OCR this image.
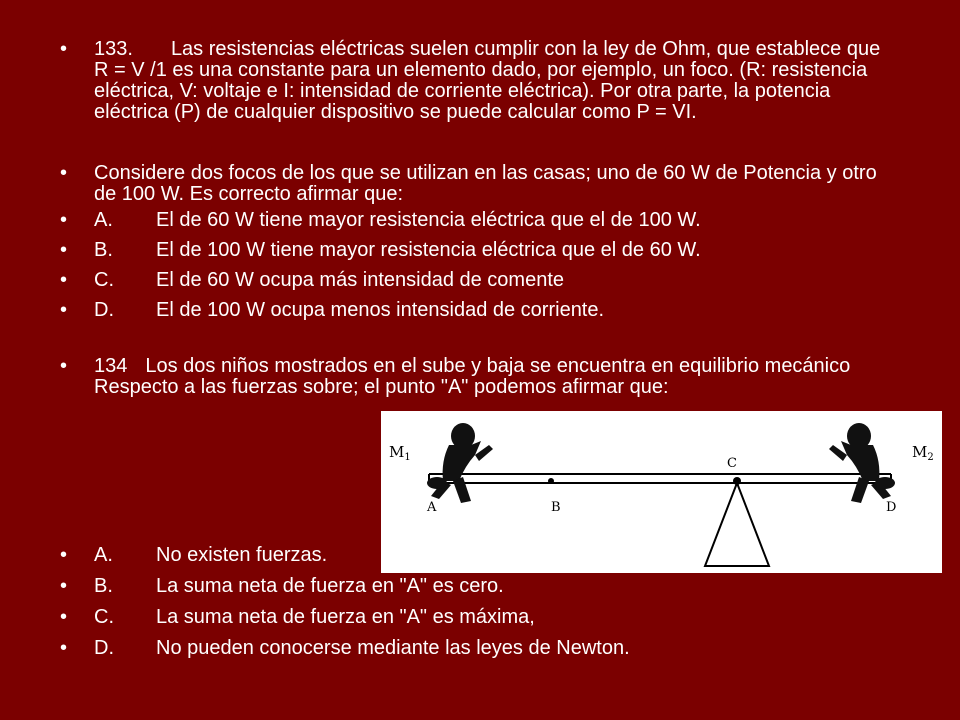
• 133. Las resistencias eléctricas suelen cumplir con la ley de Ohm, que establece que R = V /1 es una constante para un elemento dado, por ejemplo, un foco. (R: resistencia eléctrica, V: voltaje e I: intensidad de corriente eléctrica). Por otra parte, la potencia eléctrica (P) de cualquier dispositivo se puede calcular como P = VI.
• Considere dos focos de los que se utilizan en las casas; uno de 60 W de Potencia y otro de 100 W. Es correcto afirmar que:
• A. El de 60 W tiene mayor resistencia eléctrica que el de 100 W.
• B. El de 100 W tiene mayor resistencia eléctrica que el de 60 W.
• C. El de 60 W ocupa más intensidad de comente
• D. El de 100 W ocupa menos intensidad de corriente.
• 134 Los dos niños mostrados en el sube y baja se encuentra en equilibrio mecánico Respecto a las fuerzas sobre; el punto "A" podemos afirmar que:
$M_1$	$M_2$
A	B
C
D
• A. No existen fuerzas.
• B. La suma neta de fuerza en "A" es cero.
• C. La suma neta de fuerza en "A" es máxima,
• D. No pueden conocerse mediante las leyes de Newton.
